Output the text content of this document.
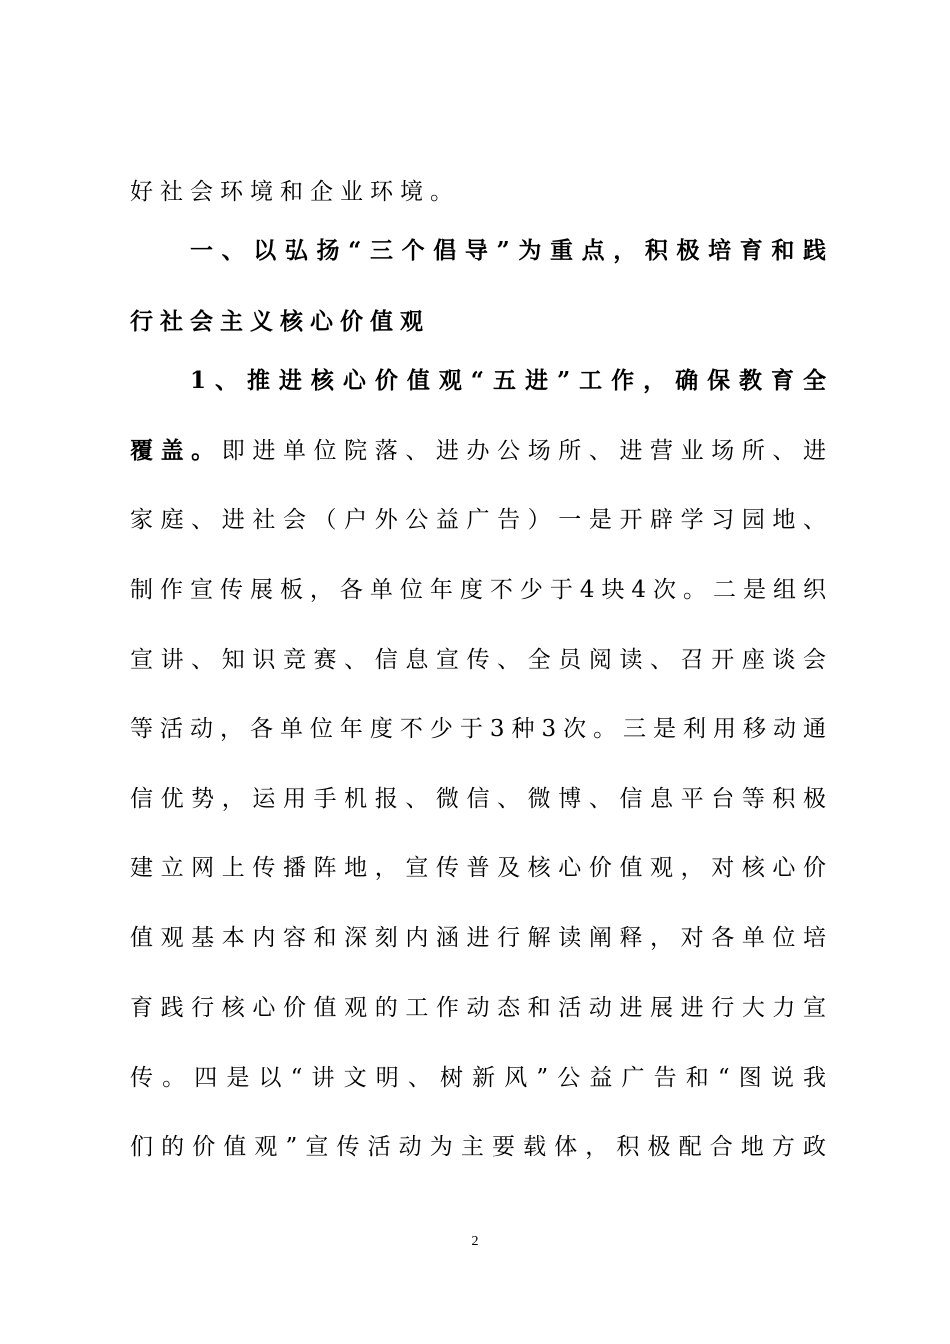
好社会环境和企业环境。
一、以弘扬“三个倡导”为重点，积极培育和践
行社会主义核心价值观
1、推进核心价值观“五进”工作，确保教育全
覆盖。即进单位院落、进办公场所、进营业场所、进
家庭、进社会（户外公益广告）一是开辟学习园地、
制作宣传展板，各单位年度不少于4块4次。二是组织
宣讲、知识竞赛、信息宣传、全员阅读、召开座谈会
等活动，各单位年度不少于3种3次。三是利用移动通
信优势，运用手机报、微信、微博、信息平台等积极
建立网上传播阵地，宣传普及核心价值观，对核心价
值观基本内容和深刻内涵进行解读阐释，对各单位培
育践行核心价值观的工作动态和活动进展进行大力宣
传。四是以“讲文明、树新风”公益广告和“图说我
们的价值观”宣传活动为主要载体，积极配合地方政
2
